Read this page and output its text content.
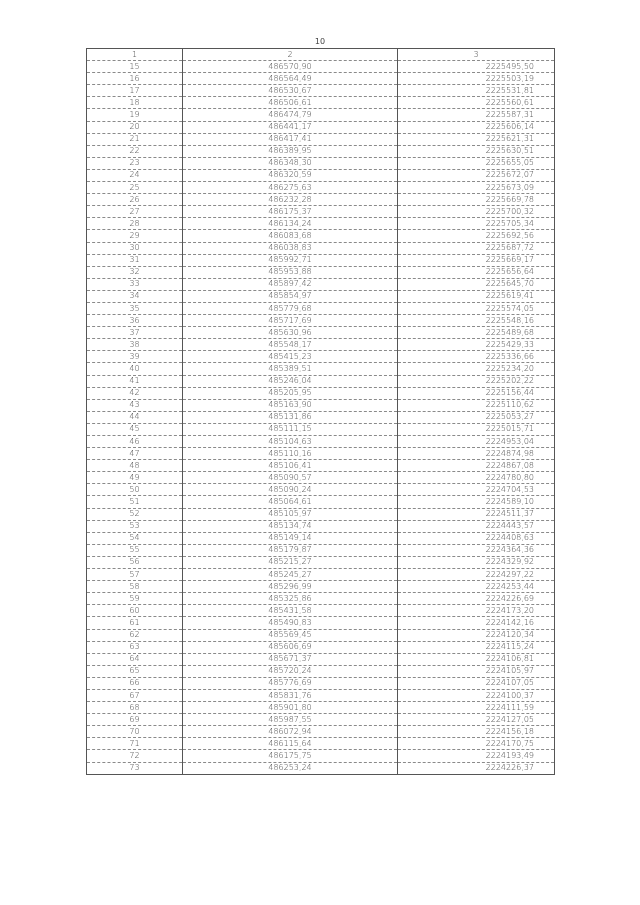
10
1	2	3
15	486570,90	2225495,50
16	486564,49	2225503,19
17	486530,67	2225531,81
18	486506,61	2225560,61
19	486474,79	2225587,31
20	486441,17	2225606,14
21	486417,41	2225621,31
22	486389,95	2225630,51
23	486348,30	2225655,05
24	486320,59	2225672,07
25	486275,63	2225673,09
26	486232,28	2225669,78
27	486175,37	2225700,32
28	486134,24	2225705,34
29	486083,68	2225692,56
30	486038,83	2225687,72
31	485992,71	2225669,17
32	485953,88	2225656,64
33	485897,42	2225645,70
34	485854,97	2225619,41
35	485779,68	2225574,05
36	485717,69	2225548,16
37	485630,96	2225489,68
38	485548,17	2225429,33
39	485415,23	2225336,66
40	485389,51	2225234,20
41	485246,04	2225202,22
42	485205,95	2225156,44
43	485163,90	2225110,62
44	485131,86	2225053,27
45	485111,15	2225015,71
46	485104,63	2224953,04
47	485110,16	2224874,98
48	485106,41	2224867,08
49	485090,57	2224780,80
50	485090,24	2224704,53
51	485064,61	2224589,10
52	485105,97	2224511,37
53	485134,74	2224443,57
54	485149,14	2224408,63
55	485179,87	2224364,36
56	485215,27	2224329,92
57	485245,27	2224297,22
58	485296,99	2224253,44
59	485325,86	2224226,69
60	485431,58	2224173,20
61	485490,83	2224142,16
62	485569,45	2224120,34
63	485606,69	2224115,24
64	485671,37	2224106,81
65	485720,24	2224105,97
66	485776,69	2224107,05
67	485831,76	2224100,37
68	485901,80	2224111,59
69	485987,55	2224127,05
70	486072,94	2224156,18
71	486115,64	2224170,75
72	486175,75	2224193,49
73	486253,24	2224226,37
